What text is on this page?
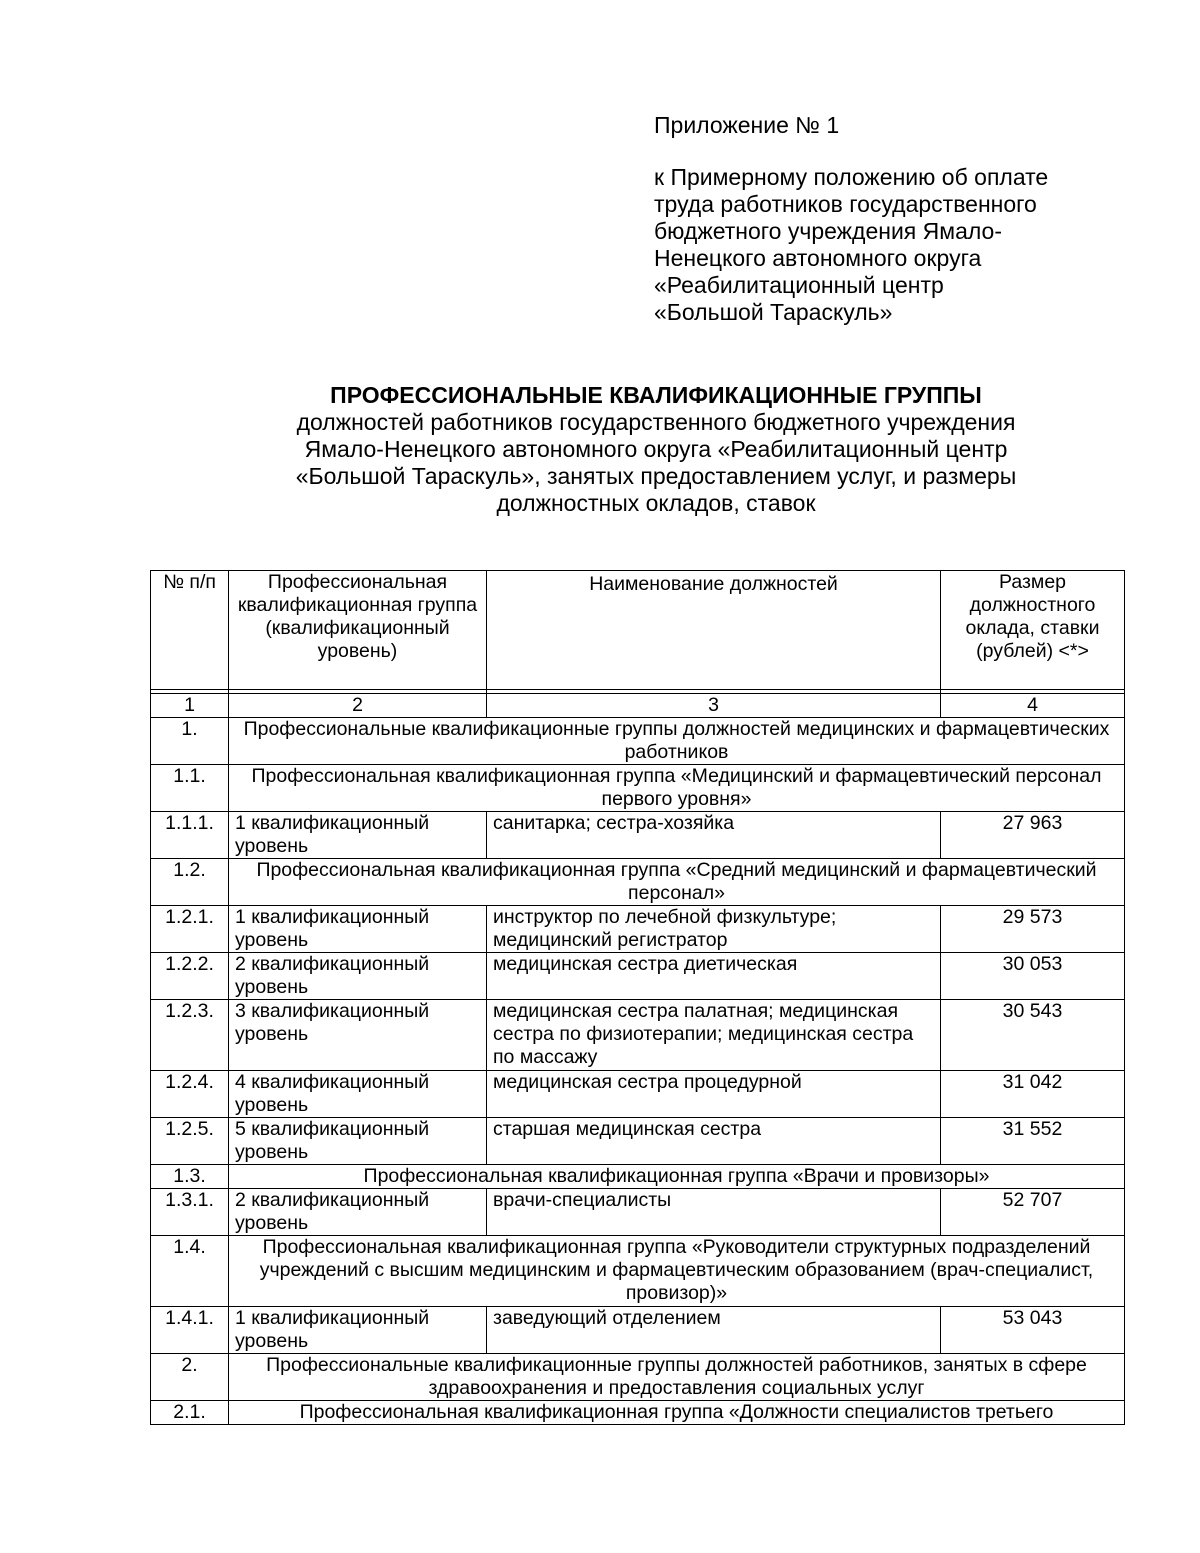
Приложение № 1
к Примерному положению об оплате
труда работников государственного
бюджетного учреждения Ямало-
Ненецкого автономного округа
«Реабилитационный центр
«Большой Тараскуль»
ПРОФЕССИОНАЛЬНЫЕ КВАЛИФИКАЦИОННЫЕ ГРУППЫ
должностей работников государственного бюджетного учреждения
Ямало-Ненецкого автономного округа «Реабилитационный центр
«Большой Тараскуль», занятых предоставлением услуг, и размеры
должностных окладов, ставок
№ п/п	Профессиональная квалификационная группа (квалификационный уровень)	Наименование должностей	Размер должностного оклада, ставки (рублей) <*>

1	2	3	4
1.	Профессиональные квалификационные группы должностей медицинских и фармацевтических работников		
1.1.	Профессиональная квалификационная группа «Медицинский и фармацевтический персонал первого уровня»		
1.1.1.	1 квалификационный уровень	санитарка; сестра-хозяйка	27 963
1.2.	Профессиональная квалификационная группа «Средний медицинский и фармацевтический персонал»		
1.2.1.	1 квалификационный уровень	инструктор по лечебной физкультуре; медицинский регистратор	29 573
1.2.2.	2 квалификационный уровень	медицинская сестра диетическая	30 053
1.2.3.	3 квалификационный уровень	медицинская сестра палатная; медицинская сестра по физиотерапии; медицинская сестра по массажу	30 543
1.2.4.	4 квалификационный уровень	медицинская сестра процедурной	31 042
1.2.5.	5 квалификационный уровень	старшая медицинская сестра	31 552
1.3.	Профессиональная квалификационная группа «Врачи и провизоры»		
1.3.1.	2 квалификационный уровень	врачи-специалисты	52 707
1.4.	Профессиональная квалификационная группа «Руководители структурных подразделений учреждений с высшим медицинским и фармацевтическим образованием (врач-специалист, провизор)»		
1.4.1.	1 квалификационный уровень	заведующий отделением	53 043
2.	Профессиональные квалификационные группы должностей работников, занятых в сфере здравоохранения и предоставления социальных услуг		
2.1.	Профессиональная квалификационная группа «Должности специалистов третьего		
